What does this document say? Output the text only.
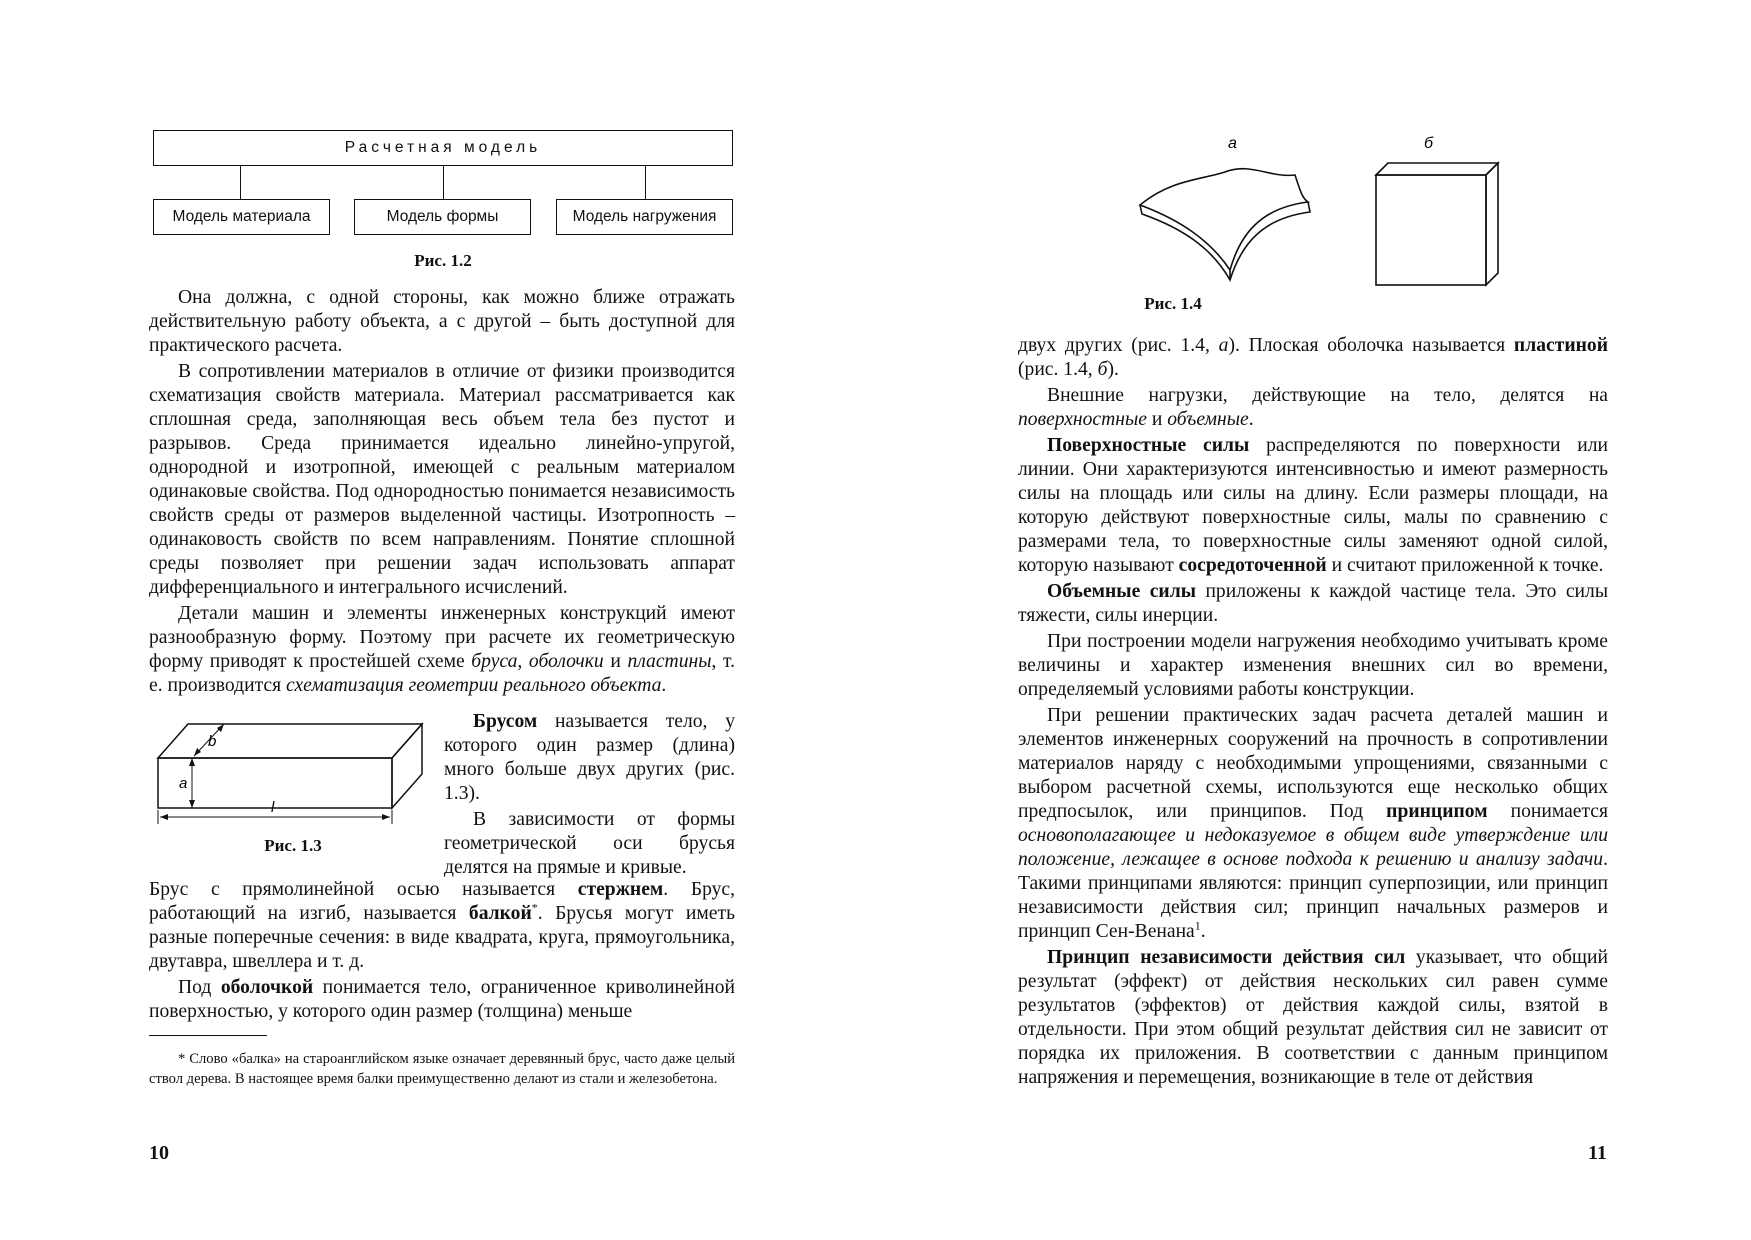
Расчетная модель
Модель материала	Модель формы	Модель нагружения
Рис. 1.2

Она должна, с одной стороны, как можно ближе отражать действительную работу объекта, а с другой – быть доступной для практического расчета.

В сопротивлении материалов в отличие от физики производится схематизация свойств материала. Материал рассматривается как сплошная среда, заполняющая весь объем тела без пустот и разрывов. Среда принимается идеально линейно-упругой, однородной и изотропной, имеющей с реальным материалом одинаковые свойства. Под однородностью понимается независимость свойств среды от размеров выделенной частицы. Изотропность – одинаковость свойств по всем направлениям. Понятие сплошной среды позволяет при решении задач использовать аппарат дифференциального и интегрального исчислений.

Детали машин и элементы инженерных конструкций имеют разнообразную форму. Поэтому при расчете их геометрическую форму приводят к простейшей схеме бруса, оболочки и пластины, т. е. производится схематизация геометрии реального объекта.

b
a
l
Рис. 1.3

Брусом называется тело, у которого один размер (длина) много больше двух других (рис. 1.3).

В зависимости от формы геометрической оси брусья делятся на прямые и кривые.

Брус с прямолинейной осью называется стержнем. Брус, работающий на изгиб, называется балкой*. Брусья могут иметь разные поперечные сечения: в виде квадрата, круга, прямоугольника, двутавра, швеллера и т. д.

Под оболочкой понимается тело, ограниченное криволинейной поверхностью, у которого один размер (толщина) меньше

* Слово «балка» на староанглийском языке означает деревянный брус, часто даже целый ствол дерева. В настоящее время балки преимущественно делают из стали и железобетона.
10
а	б
Рис. 1.4

двух других (рис. 1.4, а). Плоская оболочка называется пластиной (рис. 1.4, б).

Внешние нагрузки, действующие на тело, делятся на поверхностные и объемные.

Поверхностные силы распределяются по поверхности или линии. Они характеризуются интенсивностью и имеют размерность силы на площадь или силы на длину. Если размеры площади, на которую действуют поверхностные силы, малы по сравнению с размерами тела, то поверхностные силы заменяют одной силой, которую называют сосредоточенной и считают приложенной к точке.

Объемные силы приложены к каждой частице тела. Это силы тяжести, силы инерции.

При построении модели нагружения необходимо учитывать кроме величины и характер изменения внешних сил во времени, определяемый условиями работы конструкции.

При решении практических задач расчета деталей машин и элементов инженерных сооружений на прочность в сопротивлении материалов наряду с необходимыми упрощениями, связанными с выбором расчетной схемы, используются еще несколько общих предпосылок, или принципов. Под принципом понимается основополагающее и недоказуемое в общем виде утверждение или положение, лежащее в основе подхода к решению и анализу задачи. Такими принципами являются: принцип суперпозиции, или принцип независимости действия сил; принцип начальных размеров и принцип Сен-Венана$^1$.

Принцип независимости действия сил указывает, что общий результат (эффект) от действия нескольких сил равен сумме результатов (эффектов) от действия каждой силы, взятой в отдельности. При этом общий результат действия сил не зависит от порядка их приложения. В соответствии с данным принципом напряжения и перемещения, возникающие в теле от действия

11
